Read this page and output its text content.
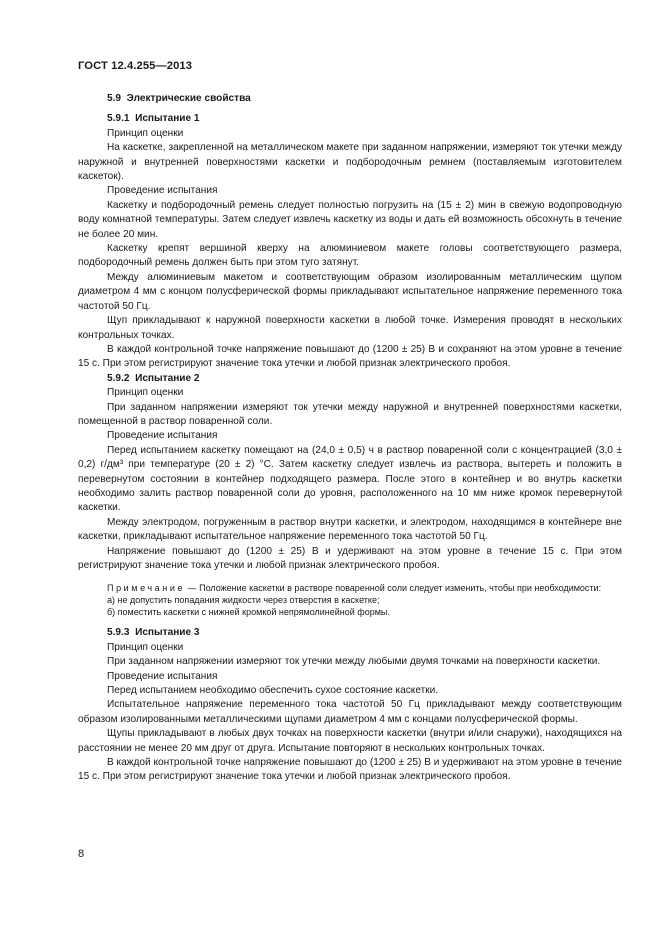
ГОСТ 12.4.255—2013

5.9 Электрические свойства

5.9.1 Испытание 1

Принцип оценки

На каскетке, закрепленной на металлическом макете при заданном напряжении, измеряют ток утечки между наружной и внутренней поверхностями каскетки и подбородочным ремнем (поставляемым изготовителем каскеток).

Проведение испытания

Каскетку и подбородочный ремень следует полностью погрузить на (15 ± 2) мин в свежую водопроводную воду комнатной температуры. Затем следует извлечь каскетку из воды и дать ей возможность обсохнуть в течение не более 20 мин.

Каскетку крепят вершиной кверху на алюминиевом макете головы соответствующего размера, подбородочный ремень должен быть при этом туго затянут.

Между алюминиевым макетом и соответствующим образом изолированным металлическим щупом диаметром 4 мм с концом полусферической формы прикладывают испытательное напряжение переменного тока частотой 50 Гц.

Щуп прикладывают к наружной поверхности каскетки в любой точке. Измерения проводят в нескольких контрольных точках.

В каждой контрольной точке напряжение повышают до (1200 ± 25) В и сохраняют на этом уровне в течение 15 с. При этом регистрируют значение тока утечки и любой признак электрического пробоя.

5.9.2 Испытание 2

Принцип оценки

При заданном напряжении измеряют ток утечки между наружной и внутренней поверхностями каскетки, помещенной в раствор поваренной соли.

Проведение испытания

Перед испытанием каскетку помещают на (24,0 ± 0,5) ч в раствор поваренной соли с концентрацией (3,0 ± 0,2) г/дм³ при температуре (20 ± 2) °С. Затем каскетку следует извлечь из раствора, вытереть и положить в перевернутом состоянии в контейнер подходящего размера. После этого в контейнер и во внутрь каскетки необходимо залить раствор поваренной соли до уровня, расположенного на 10 мм ниже кромок перевернутой каскетки.

Между электродом, погруженным в раствор внутри каскетки, и электродом, находящимся в контейнере вне каскетки, прикладывают испытательное напряжение переменного тока частотой 50 Гц.

Напряжение повышают до (1200 ± 25) В и удерживают на этом уровне в течение 15 с. При этом регистрируют значение тока утечки и любой признак электрического пробоя.

Примечание — Положение каскетки в растворе поваренной соли следует изменить, чтобы при необходимости:

а) не допустить попадания жидкости через отверстия в каскетке;

б) поместить каскетки с нижней кромкой непрямолинейной формы.

5.9.3 Испытание 3

Принцип оценки

При заданном напряжении измеряют ток утечки между любыми двумя точками на поверхности каскетки.

Проведение испытания

Перед испытанием необходимо обеспечить сухое состояние каскетки.

Испытательное напряжение переменного тока частотой 50 Гц прикладывают между соответствующим образом изолированными металлическими щупами диаметром 4 мм с концами полусферической формы.

Щупы прикладывают в любых двух точках на поверхности каскетки (внутри и/или снаружи), находящихся на расстоянии не менее 20 мм друг от друга. Испытание повторяют в нескольких контрольных точках.

В каждой контрольной точке напряжение повышают до (1200 ± 25) В и удерживают на этом уровне в течение 15 с. При этом регистрируют значение тока утечки и любой признак электрического пробоя.

8
